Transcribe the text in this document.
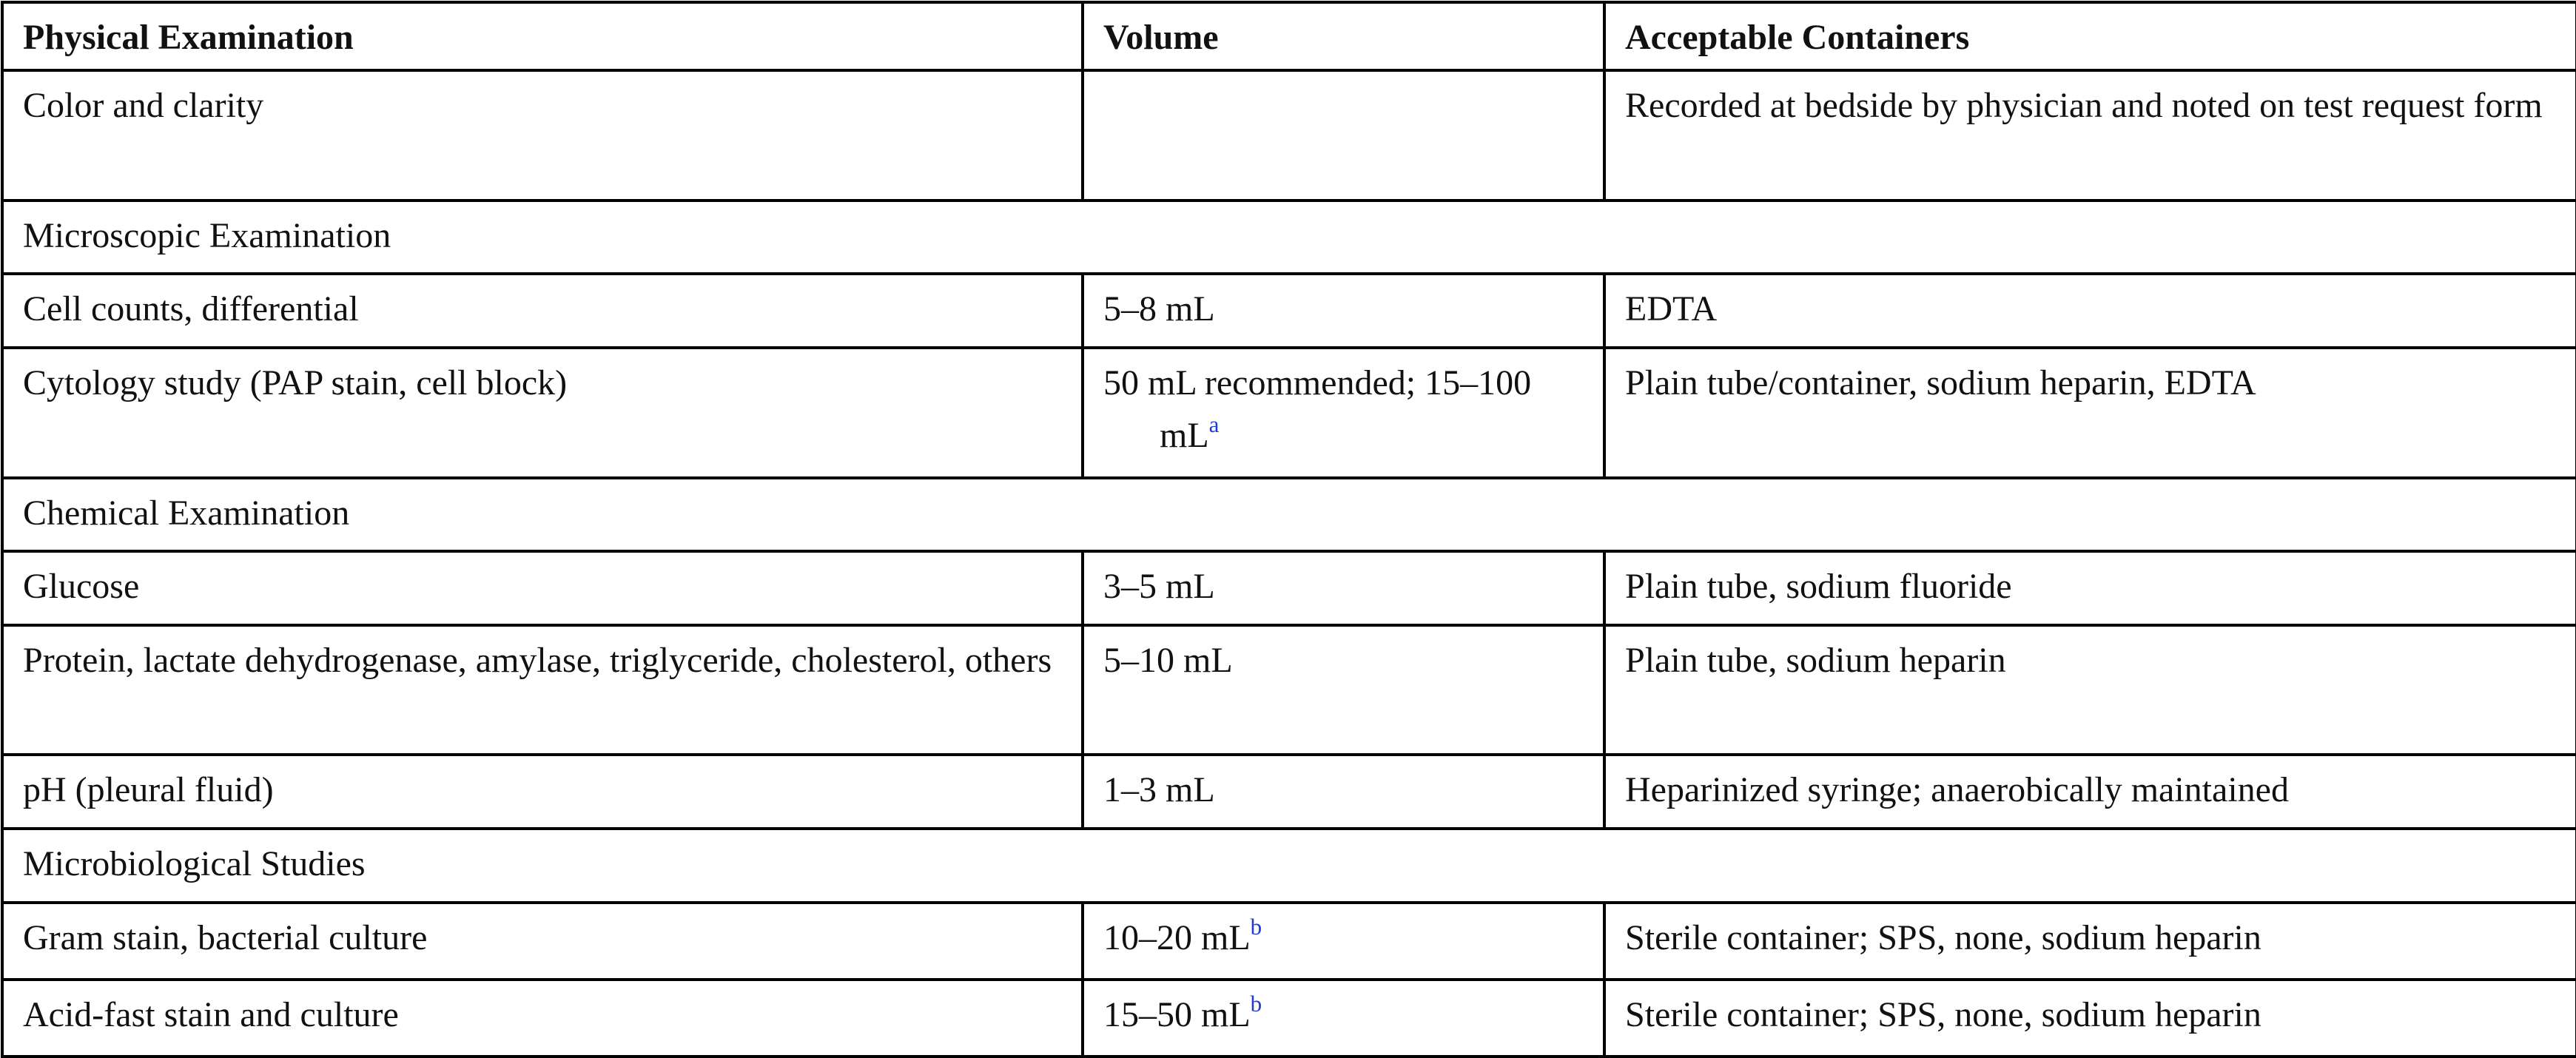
Physical Examination	Volume	Acceptable Containers

Color and clarity		Recorded at bedside by physician and noted on test request form

Microscopic Examination		

Cell counts, differential	5–8 mL	EDTA

Cytology study (PAP stain, cell block)	50 mL recommended; 15–100 $mL^a$	Plain tube/container, sodium heparin, EDTA

Chemical Examination		

Glucose	3–5 mL	Plain tube, sodium fluoride

Protein, lactate dehydrogenase, amylase, triglyceride, cholesterol, others	5–10 mL	Plain tube, sodium heparin

pH (pleural fluid)	1–3 mL	Heparinized syringe; anaerobically maintained

Microbiological Studies		

Gram stain, bacterial culture	10–20 $mL^b$	Sterile container; SPS, none, sodium heparin

Acid-fast stain and culture	15–50 $mL^b$	Sterile container; SPS, none, sodium heparin
